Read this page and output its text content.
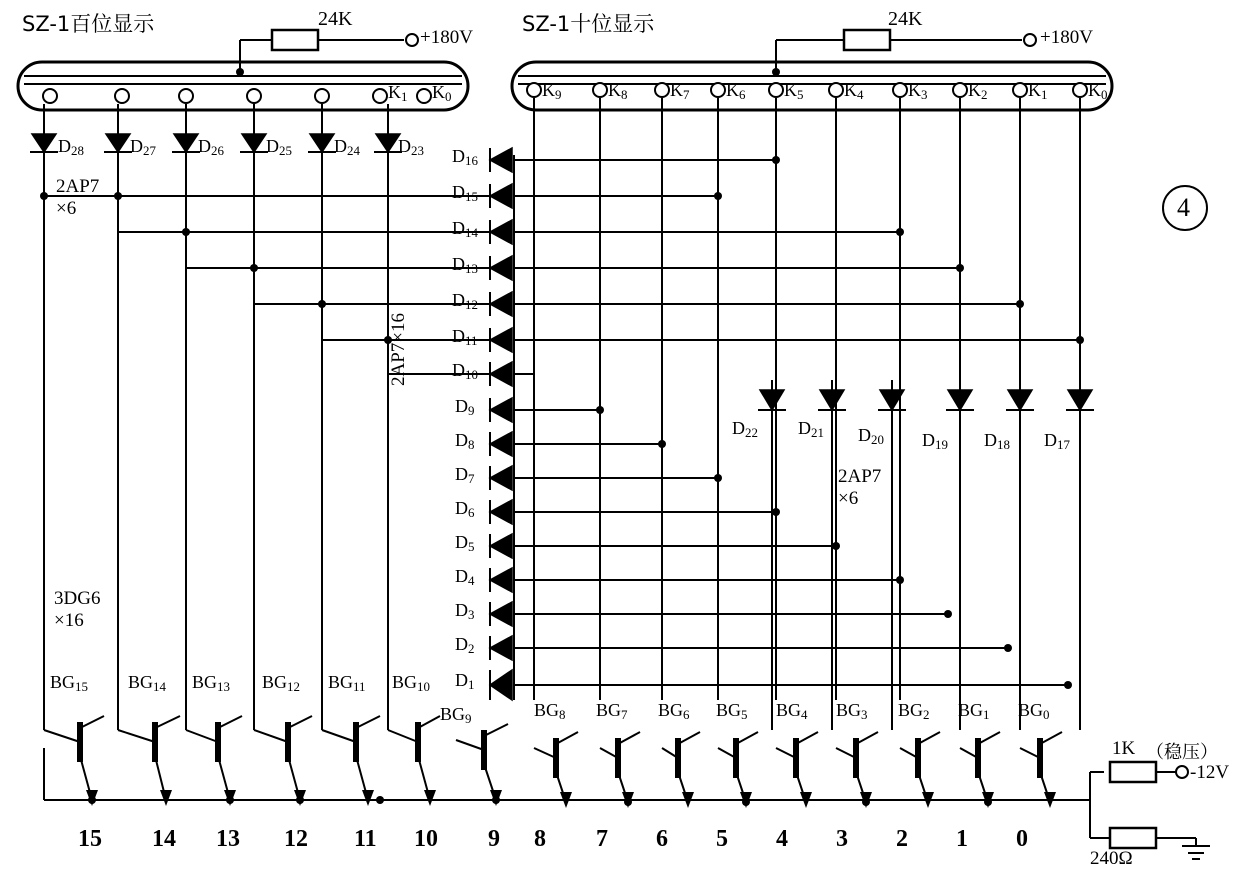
SZ-1百位显示	SZ-1十位显示
24K
+180V
24K
+180V
4
$K_1$ $K_0$	$K_9$	$K_8$ $K_7$ $K_6$ $K_5$ $K_4$ $K_3$ $K_2$ $K_1$ $K_0$
$D_{28}$	$D_{27}$ $D_{26}$ $D_{25}$ $D_{24}$ $D_{23}$
2AP7
×6
3DG6
×16
2AP7×16
2AP7
×6
$D_{16}$
$D_{15}$
$D_{14}$
$D_{13}$
$D_{12}$
$D_{11}$
$D_{10}$
$D_9$
$D_8$
$D_7$
$D_6$
$D_5$
$D_4$
$D_3$
$D_2$
$D_1$
$D_{22}$ $D_{21}$ $D_{20}$ $D_{19}$ $D_{18}$ $D_{17}$
$BG_{15}$ $BG_{14}$ $BG_{13}$ $BG_{12}$ $BG_{11}$ $BG_{10}$
$BG_9$	$BG_8$ $BG_7$ $BG_6$ $BG_5$ $BG_4$ $BG_3$ $BG_2$ $BG_1$ $BG_0$
15 14 13 12 11 10 9 8 7 6 5 4 3 2 1 0
1K （稳压）
-12V
240Ω
